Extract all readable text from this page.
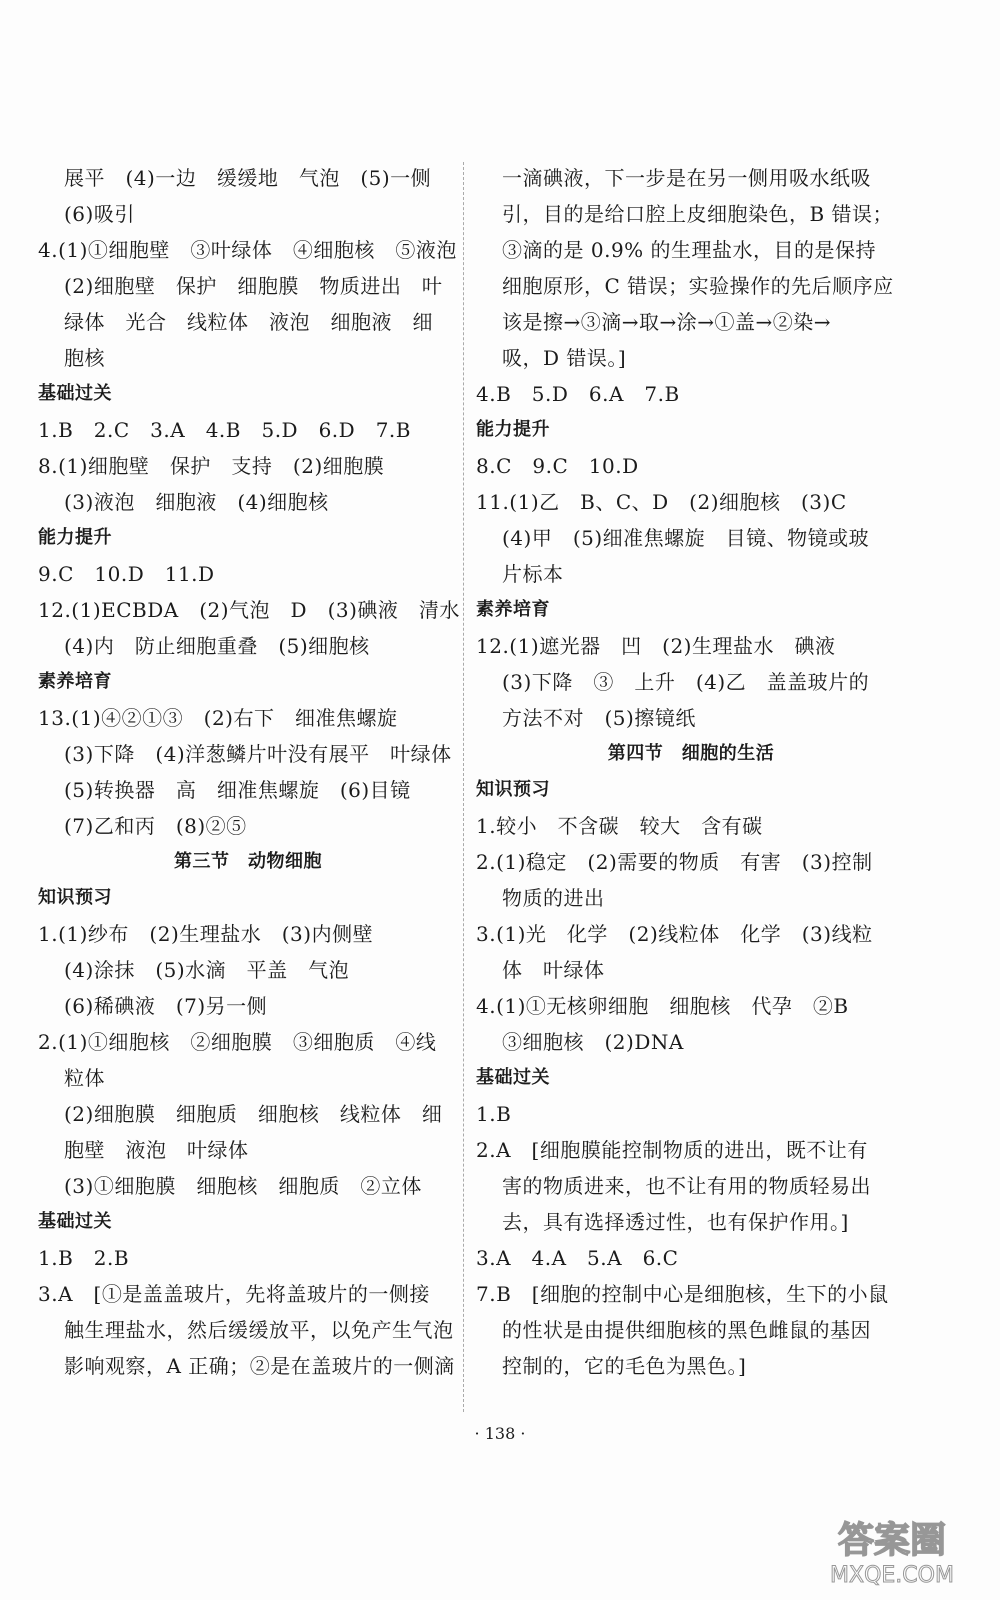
展平　(4)一边　缓缓地　气泡　(5)一侧
(6)吸引
4.(1)①细胞壁　③叶绿体　④细胞核　⑤液泡
(2)细胞壁　保护　细胞膜　物质进出　叶
绿体　光合　线粒体　液泡　细胞液　细
胞核
基础过关
1.B　2.C　3.A　4.B　5.D　6.D　7.B
8.(1)细胞壁　保护　支持　(2)细胞膜
(3)液泡　细胞液　(4)细胞核
能力提升
9.C　10.D　11.D
12.(1)ECBDA　(2)气泡　D　(3)碘液　清水
(4)内　防止细胞重叠　(5)细胞核
素养培育
13.(1)④②①③　(2)右下　细准焦螺旋
(3)下降　(4)洋葱鳞片叶没有展平　叶绿体
(5)转换器　高　细准焦螺旋　(6)目镜
(7)乙和丙　(8)②⑤
第三节　动物细胞
知识预习
1.(1)纱布　(2)生理盐水　(3)内侧壁
(4)涂抹　(5)水滴　平盖　气泡
(6)稀碘液　(7)另一侧
2.(1)①细胞核　②细胞膜　③细胞质　④线
粒体
(2)细胞膜　细胞质　细胞核　线粒体　细
胞壁　液泡　叶绿体
(3)①细胞膜　细胞核　细胞质　②立体
基础过关
1.B　2.B
3.A　[①是盖盖玻片，先将盖玻片的一侧接
触生理盐水，然后缓缓放平，以免产生气泡
影响观察，A 正确；②是在盖玻片的一侧滴
一滴碘液，下一步是在另一侧用吸水纸吸
引，目的是给口腔上皮细胞染色，B 错误；
③滴的是 0.9% 的生理盐水，目的是保持
细胞原形，C 错误；实验操作的先后顺序应
该是擦→③滴→取→涂→①盖→②染→
吸，D 错误。]
4.B　5.D　6.A　7.B
能力提升
8.C　9.C　10.D
11.(1)乙　B、C、D　(2)细胞核　(3)C
(4)甲　(5)细准焦螺旋　目镜、物镜或玻
片标本
素养培育
12.(1)遮光器　凹　(2)生理盐水　碘液
(3)下降　③　上升　(4)乙　盖盖玻片的
方法不对　(5)擦镜纸
第四节　细胞的生活
知识预习
1.较小　不含碳　较大　含有碳
2.(1)稳定　(2)需要的物质　有害　(3)控制
物质的进出
3.(1)光　化学　(2)线粒体　化学　(3)线粒
体　叶绿体
4.(1)①无核卵细胞　细胞核　代孕　②B
③细胞核　(2)DNA
基础过关
1.B
2.A　[细胞膜能控制物质的进出，既不让有
害的物质进来，也不让有用的物质轻易出
去，具有选择透过性，也有保护作用。]
3.A　4.A　5.A　6.C
7.B　[细胞的控制中心是细胞核，生下的小鼠
的性状是由提供细胞核的黑色雌鼠的基因
控制的，它的毛色为黑色。]
· 138 ·
答案圈
MXQE.COM
